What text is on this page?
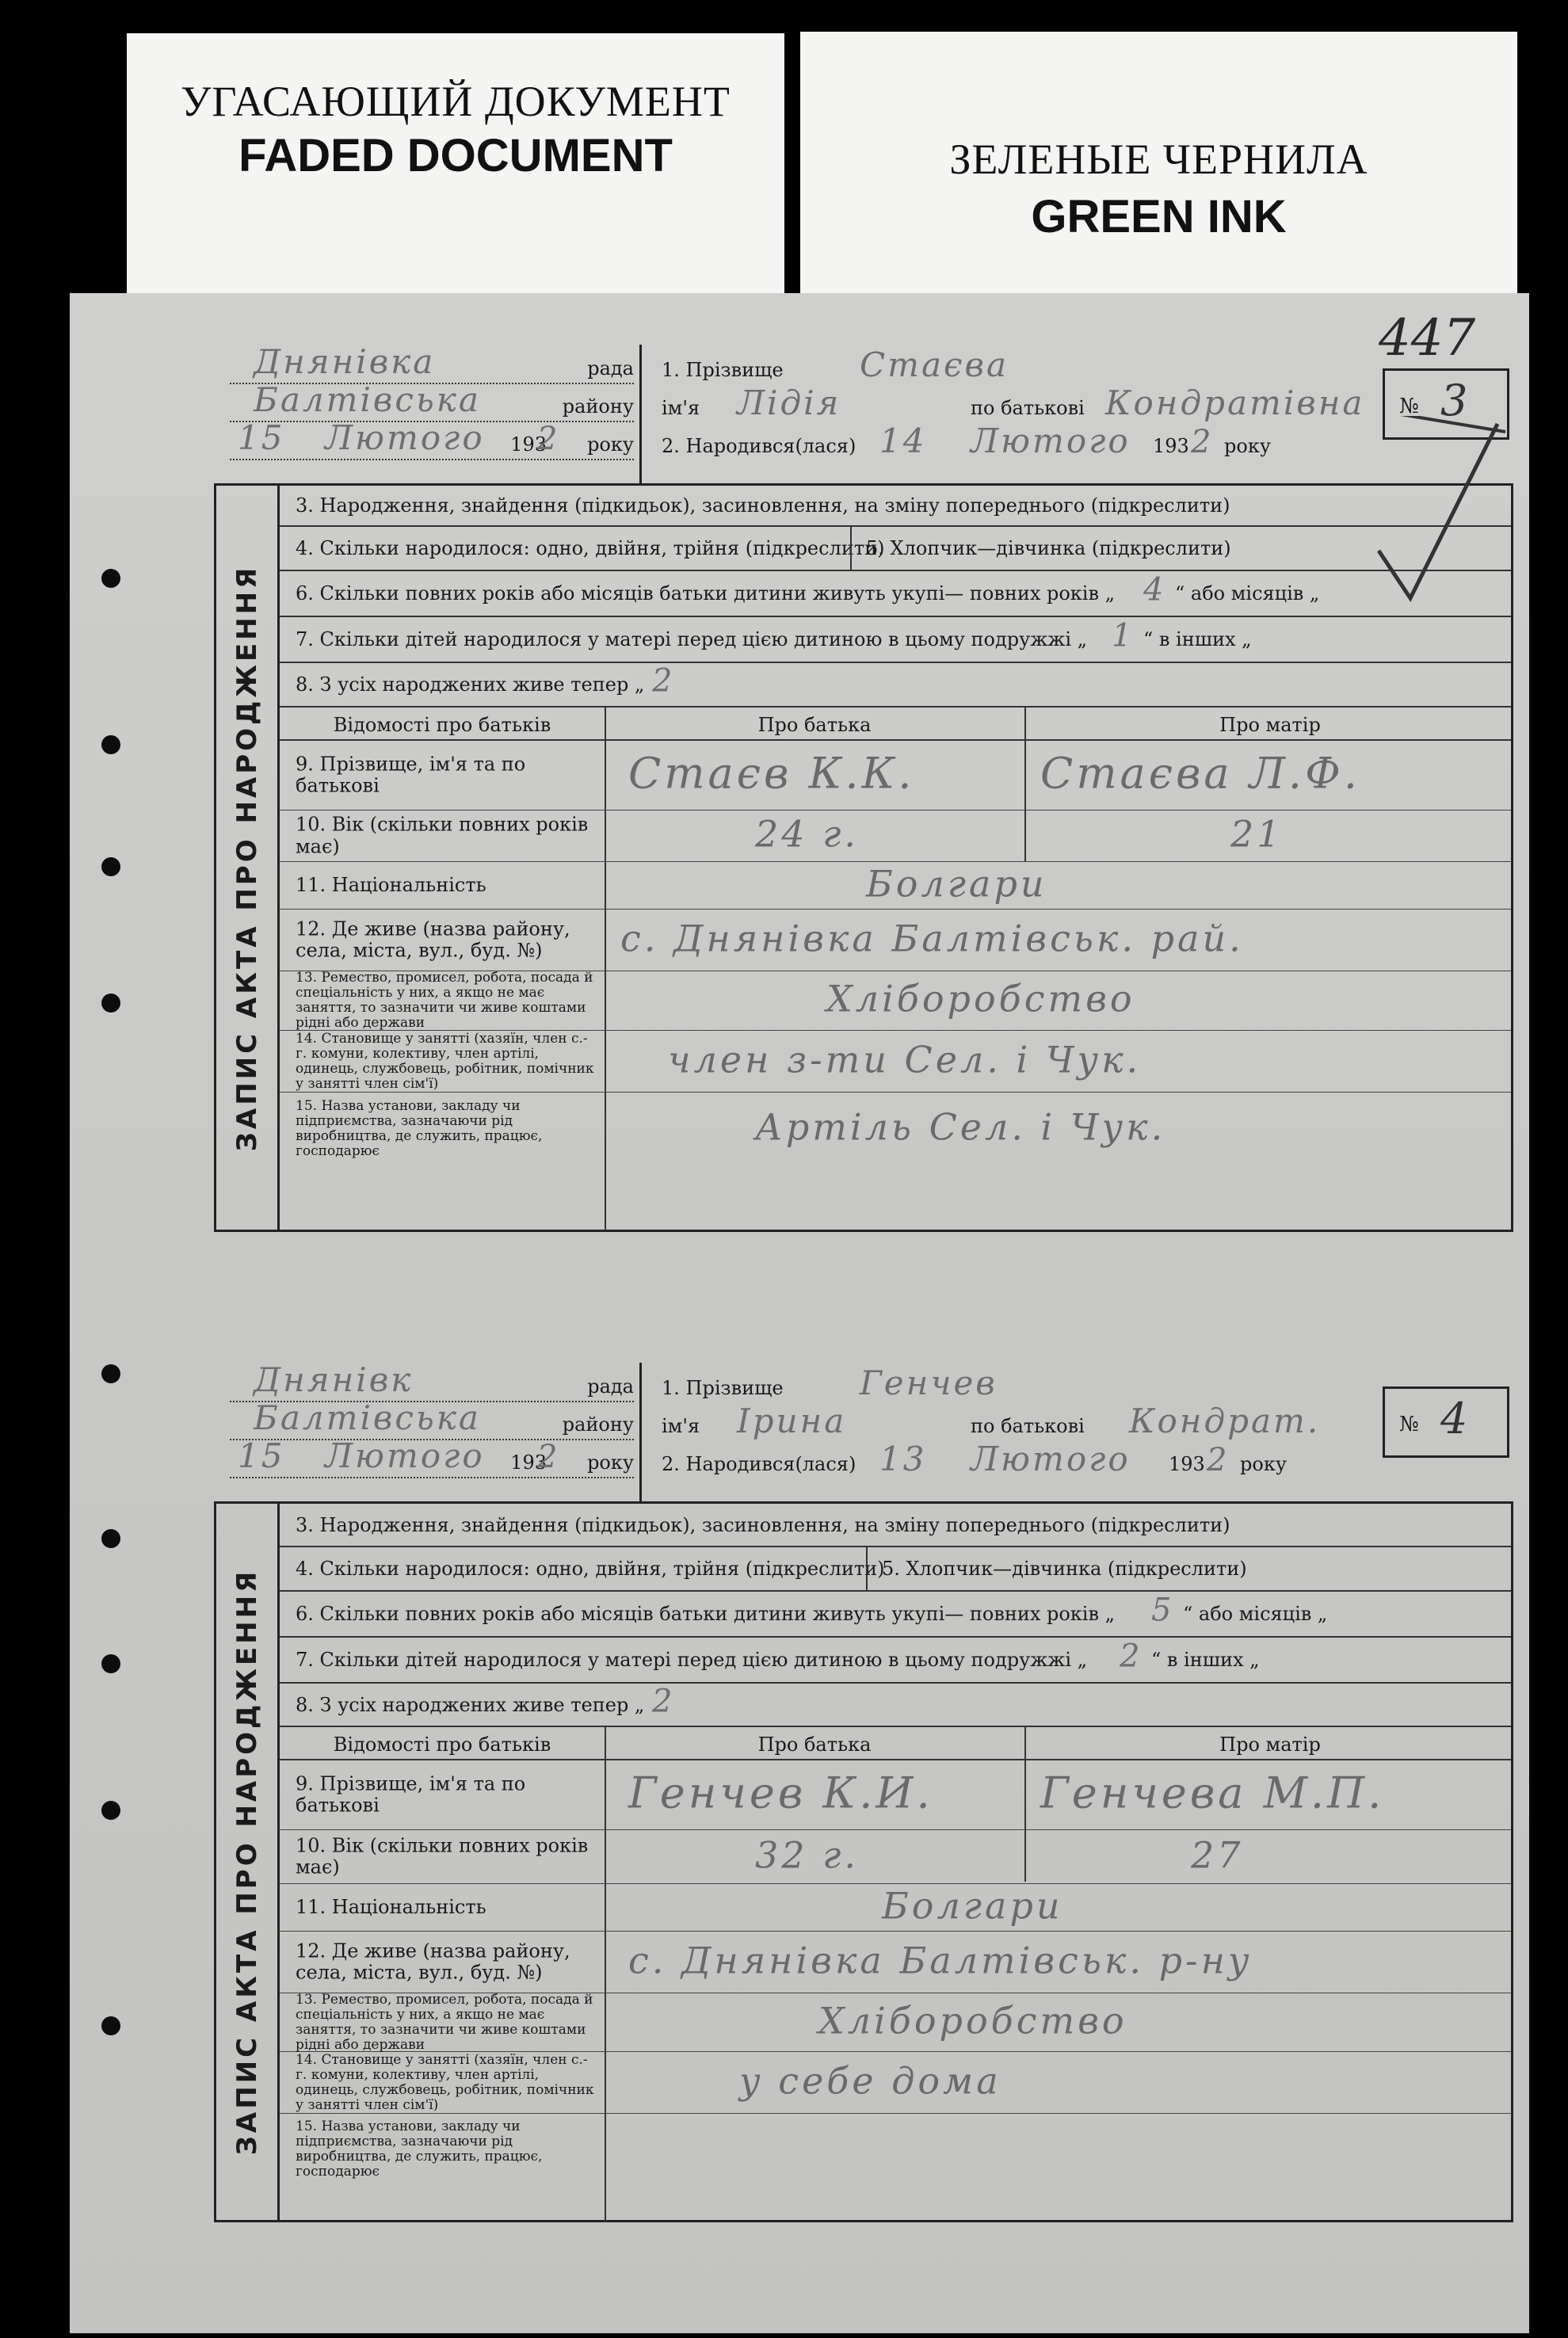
УГАСАЮЩИЙ ДОКУМЕНТ
FADED DOCUMENT	ЗЕЛЕНЫЕ ЧЕРНИЛА
GREEN INK
447
Днянівка	рада
Балтівська	району
15 Лютого 193
2 року
1. Прізвище Стаєва
ім'я Лідія	по батькові Кондратівна
2. Народився(лася) 14 Лютого 193 2 року
№ 3
ЗАПИС АКТА ПРО НАРОДЖЕННЯ
3. Народження, знайдення (підкидьок), засиновлення, на зміну попереднього (підкреслити)
4. Скільки народилося: одно, двійня, трійня (підкреслити)
5. Хлопчик—дівчинка (підкреслити)
6. Скільки повних років або місяців батьки дитини живуть укупі— повних років „ 4 “ або місяців „
7. Скільки дітей народилося у матері перед цією дитиною в цьому подружжі „ 1 “ в інших „
8. З усіх народжених живе тепер „ 2
Відомості про батьків	Про батька	Про матір
9. Прізвище, ім'я та по батькові	Стаєв К.К.	Стаєва Л.Ф.
10. Вік (скільки повних років має)	24 г.	21
11. Національність	Болгари
12. Де живе (назва району, села, міста, вул., буд. №)	с. Днянівка Балтівськ. рай.
13. Ремество, промисел, робота, посада й спеціальність у них, а якщо не має заняття, то зазначити чи живе коштами рідні або держави
Хліборобство
14. Становище у занятті (хазяїн, член с.-г. комуни, колективу, член артілі, одинець, службовець, робітник, помічник у занятті член сім'ї)
член з-ти Сел. і Чук.
15. Назва установи, закладу чи підприємства, зазначаючи рід виробництва, де служить, працює, господарює
Артіль Сел. і Чук.
Днянівк	рада
Балтівська	району
15 Лютого 193
2 року
1. Прізвище Генчев
ім'я Ірина	по батькові Кондрат.
2. Народився(лася) 13 Лютого 193 2 року
№ 4
ЗАПИС АКТА ПРО НАРОДЖЕННЯ
3. Народження, знайдення (підкидьок), засиновлення, на зміну попереднього (підкреслити)
4. Скільки народилося: одно, двійня, трійня (підкреслити)
5. Хлопчик—дівчинка (підкреслити)
6. Скільки повних років або місяців батьки дитини живуть укупі— повних років „ 5 “ або місяців „
7. Скільки дітей народилося у матері перед цією дитиною в цьому подружжі „ 2 “ в інших „
8. З усіх народжених живе тепер „ 2
Відомості про батьків	Про батька	Про матір
9. Прізвище, ім'я та по батькові	Генчев К.И.	Генчева М.П.
10. Вік (скільки повних років має)	32 г.	27
11. Національність	Болгари
12. Де живе (назва району, села, міста, вул., буд. №)	с. Днянівка Балтівськ. р-ну
13. Ремество, промисел, робота, посада й спеціальність у них, а якщо не має заняття, то зазначити чи живе коштами рідні або держави
Хліборобство
14. Становище у занятті (хазяїн, член с.-г. комуни, колективу, член артілі, одинець, службовець, робітник, помічник у занятті член сім'ї)
у себе дома
15. Назва установи, закладу чи підприємства, зазначаючи рід виробництва, де служить, працює, господарює
